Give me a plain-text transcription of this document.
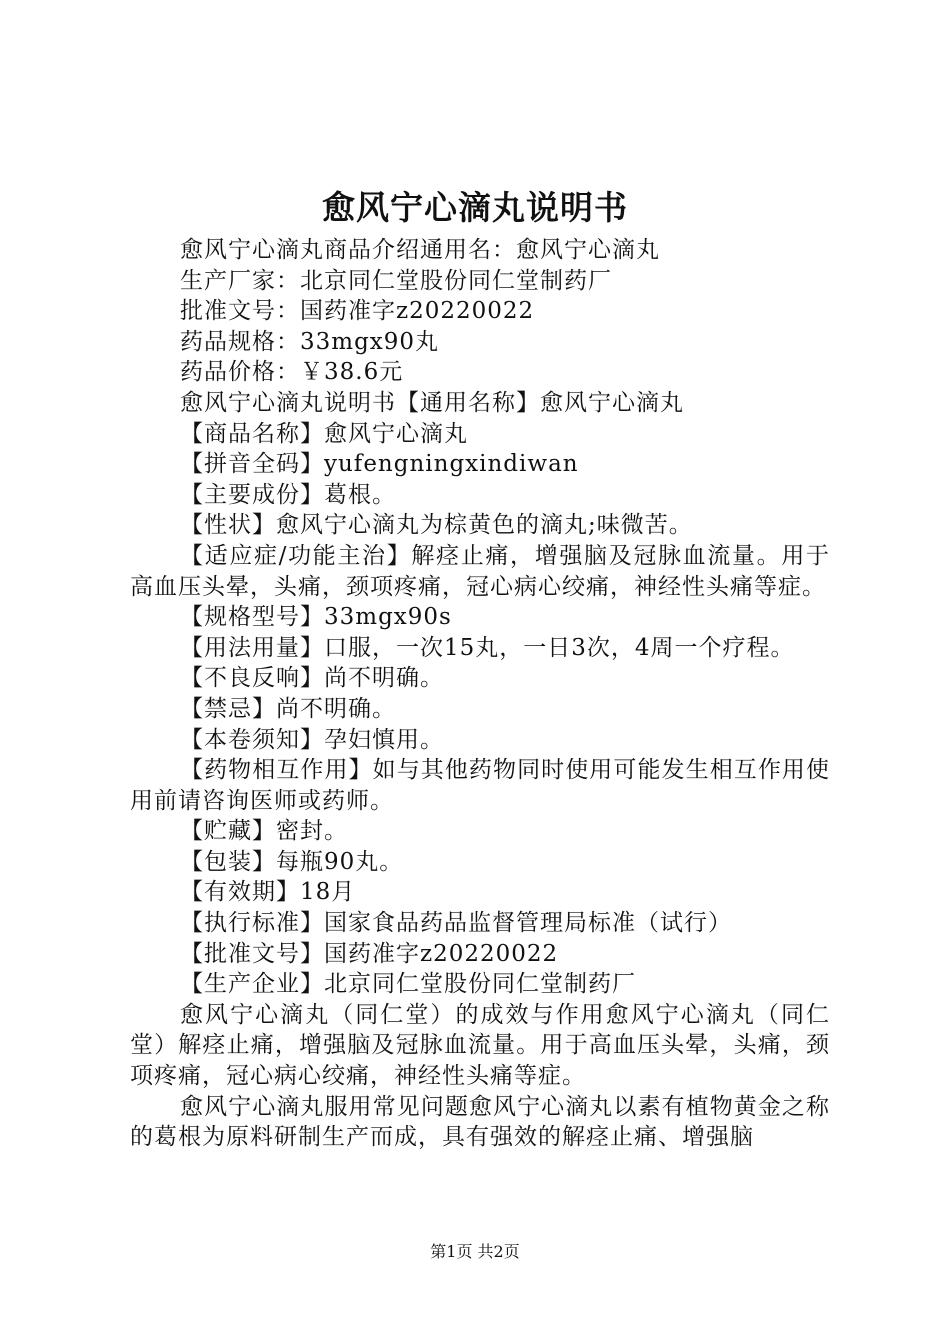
愈风宁心滴丸说明书

愈风宁心滴丸商品介绍通用名：愈风宁心滴丸

生产厂家：北京同仁堂股份同仁堂制药厂

批准文号：国药准字z20220022

药品规格：33mgx90丸

药品价格：￥38.6元

愈风宁心滴丸说明书【通用名称】愈风宁心滴丸

【商品名称】愈风宁心滴丸

【拼音全码】yufengningxindiwan

【主要成份】葛根。

【性状】愈风宁心滴丸为棕黄色的滴丸;味微苦。

【适应症/功能主治】解痉止痛，增强脑及冠脉血流量。用于高血压头晕，头痛，颈项疼痛，冠心病心绞痛，神经性头痛等症。

【规格型号】33mgx90s

【用法用量】口服，一次15丸，一日3次，4周一个疗程。

【不良反响】尚不明确。

【禁忌】尚不明确。

【本卷须知】孕妇慎用。

【药物相互作用】如与其他药物同时使用可能发生相互作用使用前请咨询医师或药师。

【贮藏】密封。

【包装】每瓶90丸。

【有效期】18月

【执行标准】国家食品药品监督管理局标准（试行）

【批准文号】国药准字z20220022

【生产企业】北京同仁堂股份同仁堂制药厂

愈风宁心滴丸（同仁堂）的成效与作用愈风宁心滴丸（同仁堂）解痉止痛，增强脑及冠脉血流量。用于高血压头晕，头痛，颈项疼痛，冠心病心绞痛，神经性头痛等症。

愈风宁心滴丸服用常见问题愈风宁心滴丸以素有植物黄金之称的葛根为原料研制生产而成，具有强效的解痉止痛、增强脑

第1页 共2页
